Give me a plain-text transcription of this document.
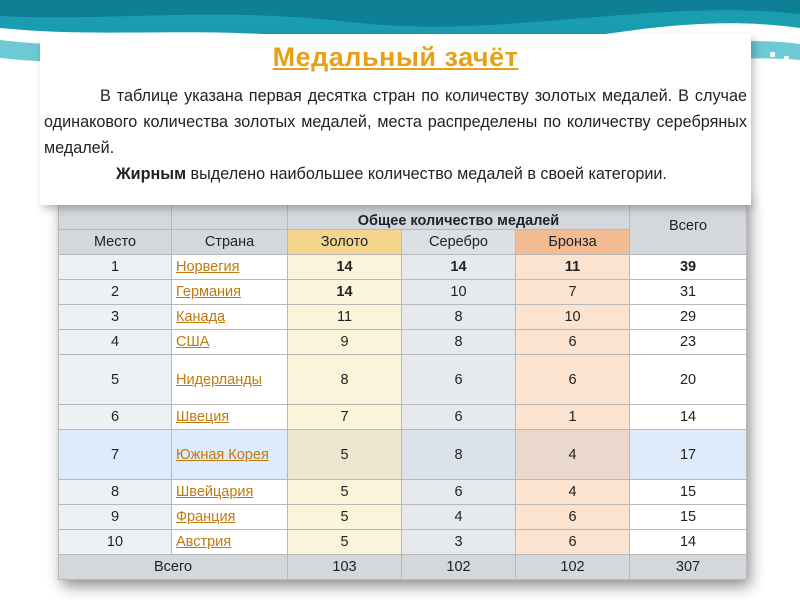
		Общее количество медалей			Всего
Место	Страна	Золото	Серебро	Бронза	
1	Норвегия	14	14	11	39
2	Германия	14	10	7	31
3	Канада	11	8	10	29
4	США	9	8	6	23
5	Нидерланды	8	6	6	20
6	Швеция	7	6	1	14
7	Южная Корея	5	8	4	17
8	Швейцария	5	6	4	15
9	Франция	5	4	6	15
10	Австрия	5	3	6	14
Всего		103	102	102	307
Медальный зачёт

В таблице указана первая десятка стран по количеству золотых медалей. В случае одинакового количества золотых медалей, места распределены по количеству серебряных медалей.

Жирным выделено наибольшее количество медалей в своей категории.
